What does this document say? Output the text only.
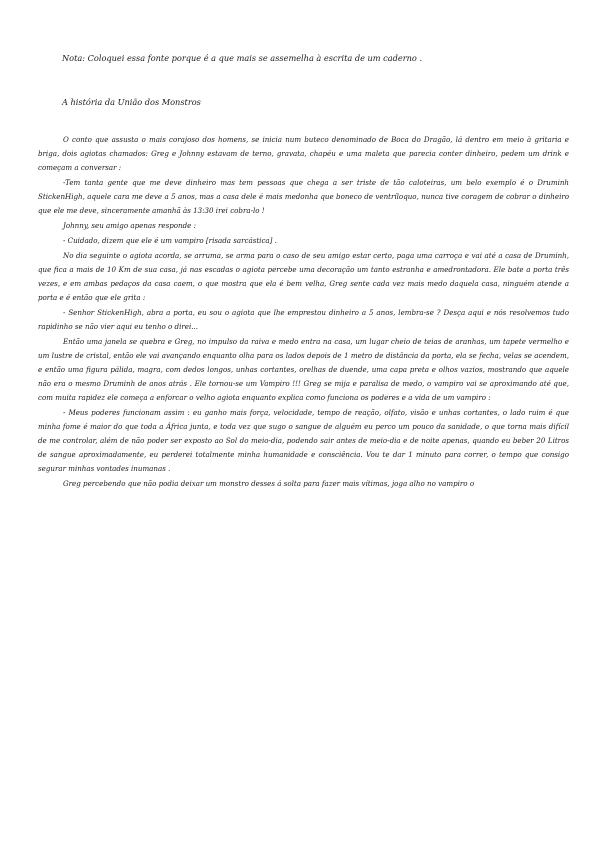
Nota: Coloquei essa fonte porque é a que mais se assemelha à escrita de um caderno .

A história da União dos Monstros

O conto que assusta o mais corajoso dos homens, se inicia num buteco denominado de Boca do Dragão, lá dentro em meio à gritaria e briga, dois agiotas chamados: Greg e Johnny estavam de terno, gravata, chapéu e uma maleta que parecia conter dinheiro, pedem um drink e começam a conversar :

-Tem tanta gente que me deve dinheiro mas tem pessoas que chega a ser triste de tão caloteiras, um belo exemplo é o Druminh StickenHigh, aquele cara me deve a 5 anos, mas a casa dele é mais medonha que boneco de ventríloquo, nunca tive coragem de cobrar o dinheiro que ele me deve, sinceramente amanhã às 13:30 irei cobra-lo !

Johnny, seu amigo apenas responde :

- Cuidado, dizem que ele é um vampiro [risada sarcástica] .

No dia seguinte o agiota acorda, se arruma, se arma para o caso de seu amigo estar certo, paga uma carroça e vai até a casa de Druminh, que fica a mais de 10 Km de sua casa, já nas escadas o agiota percebe uma decoração um tanto estranha e amedrontadora. Ele bate a porta três vezes, e em ambas pedaços da casa caem, o que mostra que ela é bem velha, Greg sente cada vez mais medo daquela casa, ninguém atende a porta e é então que ele grita :

- Senhor StickenHigh, abra a porta, eu sou o agiota que lhe emprestou dinheiro a 5 anos, lembra-se ? Desça aqui e nós resolvemos tudo rapidinho se não vier aqui eu tenho o direi...

Então uma janela se quebra e Greg, no impulso da raiva e medo entra na casa, um lugar cheio de teias de aranhas, um tapete vermelho e um lustre de cristal, então ele vai avançando enquanto olha para os lados depois de 1 metro de distância da porta, ela se fecha, velas se acendem, e então uma figura pálida, magra, com dedos longos, unhas cortantes, orelhas de duende, uma capa preta e olhos vazios, mostrando que aquele não era o mesmo Druminh de anos atrás . Ele tornou-se um Vampiro !!! Greg se mija e paralisa de medo, o vampiro vai se aproximando até que, com muita rapidez ele começa a enforcar o velho agiota enquanto explica como funciona os poderes e a vida de um vampiro :

- Meus poderes funcionam assim : eu ganho mais força, velocidade, tempo de reação, olfato, visão e unhas cortantes, o lado ruim é que minha fome é maior do que toda a África junta, e toda vez que sugo o sangue de alguém eu perco um pouco da sanidade, o que torna mais difícil de me controlar, além de não poder ser exposto ao Sol do meio-dia, podendo sair antes de meio-dia e de noite apenas, quando eu beber 20 Litros de sangue aproximadamente, eu perderei totalmente minha humanidade e consciência. Vou te dar 1 minuto para correr, o tempo que consigo segurar minhas vontades inumanas .

Greg percebendo que não podia deixar um monstro desses á solta para fazer mais vítimas, joga alho no vampiro o
